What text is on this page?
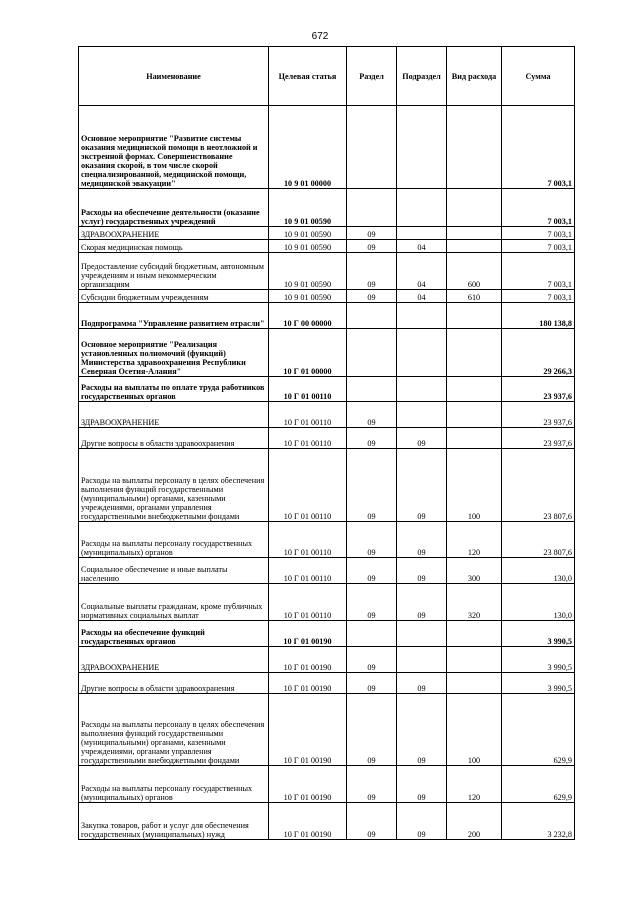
672
Наименование	Целевая статья	Раздел	Подраздел	Вид расхода	Сумма
Основное мероприятие "Развитие системы оказания медицинской помощи в неотложной и экстренной формах. Совершенствование оказания скорой, в том числе скорой специализированной, медицинской помощи, медицинской эвакуации"	10 9 01 00000				7 003,1
Расходы на обеспечение деятельности (оказание услуг) государственных учреждений	10 9 01 00590				7 003,1
ЗДРАВООХРАНЕНИЕ	10 9 01 00590	09			7 003,1
Скорая медицинская помощь	10 9 01 00590	09	04		7 003,1
Предоставление субсидий бюджетным, автономным учреждениям и иным некоммерческим организациям	10 9 01 00590	09	04	600	7 003,1
Субсидии бюджетным учреждениям	10 9 01 00590	09	04	610	7 003,1
Подпрограмма "Управление развитием отрасли"	10 Г 00 00000				180 138,8
Основное мероприятие "Реализация установленных полномочий (функций) Министерства здравоохранения Республики Северная Осетия-Алания"	10 Г 01 00000				29 266,3
Расходы на выплаты по оплате труда работников государственных органов	10 Г 01 00110				23 937,6
ЗДРАВООХРАНЕНИЕ	10 Г 01 00110	09			23 937,6
Другие вопросы в области здравоохранения	10 Г 01 00110	09	09		23 937,6
Расходы на выплаты персоналу в целях обеспечения выполнения функций государственными (муниципальными) органами, казенными учреждениями, органами управления государственными внебюджетными фондами	10 Г 01 00110	09	09	100	23 807,6
Расходы на выплаты персоналу государственных (муниципальных) органов	10 Г 01 00110	09	09	120	23 807,6
Социальное обеспечение и иные выплаты населению	10 Г 01 00110	09	09	300	130,0
Социальные выплаты гражданам, кроме публичных нормативных социальных выплат	10 Г 01 00110	09	09	320	130,0
Расходы на обеспечение функций государственных органов	10 Г 01 00190				3 990,5
ЗДРАВООХРАНЕНИЕ	10 Г 01 00190	09			3 990,5
Другие вопросы в области здравоохранения	10 Г 01 00190	09	09		3 990,5
Расходы на выплаты персоналу в целях обеспечения выполнения функций государственными (муниципальными) органами, казенными учреждениями, органами управления государственными внебюджетными фондами	10 Г 01 00190	09	09	100	629,9
Расходы на выплаты персоналу государственных (муниципальных) органов	10 Г 01 00190	09	09	120	629,9
Закупка товаров, работ и услуг для обеспечения государственных (муниципальных) нужд	10 Г 01 00190	09	09	200	3 232,8
